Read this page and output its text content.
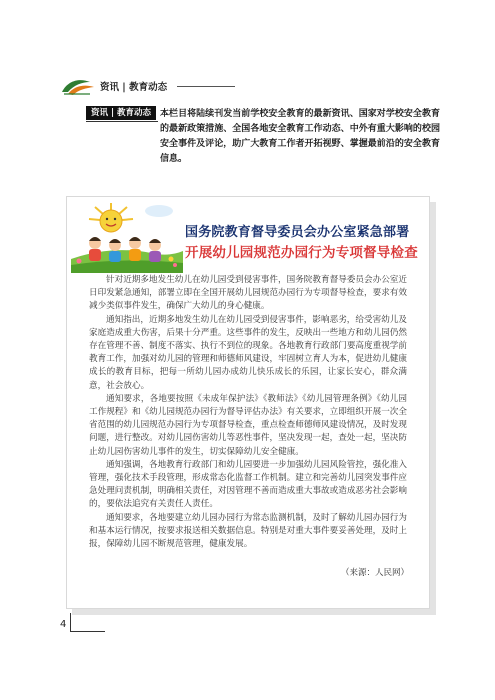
资讯 | 教育动态
资讯 | 教育动态 本栏目将陆续刊发当前学校安全教育的最新资讯、国家对学校安全教育的最新政策措施、全国各地安全教育工作动态、中外有重大影响的校园安全事件及评论，助广大教育工作者开拓视野、掌握最前沿的安全教育信息。
国务院教育督导委员会办公室紧急部署
开展幼儿园规范办园行为专项督导检查

针对近期多地发生幼儿在幼儿园受到侵害事件，国务院教育督导委员会办公室近日印发紧急通知，部署立即在全国开展幼儿园规范办园行为专项督导检查，要求有效减少类似事件发生，确保广大幼儿的身心健康。

通知指出，近期多地发生幼儿在幼儿园受到侵害事件，影响恶劣，给受害幼儿及家庭造成重大伤害，后果十分严重。这些事件的发生，反映出一些地方和幼儿园仍然存在管理不善、制度不落实、执行不到位的现象。各地教育行政部门要高度重视学前教育工作，加强对幼儿园的管理和师德师风建设，牢固树立育人为本，促进幼儿健康成长的教育目标，把每一所幼儿园办成幼儿快乐成长的乐园，让家长安心，群众满意，社会放心。

通知要求，各地要按照《未成年保护法》《教师法》《幼儿园管理条例》《幼儿园工作规程》和《幼儿园规范办园行为督导评估办法》有关要求，立即组织开展一次全省范围的幼儿园规范办园行为专项督导检查，重点检查师德师风建设情况，及时发现问题，进行整改。对幼儿园伤害幼儿等恶性事件，坚决发现一起，查处一起，坚决防止幼儿园伤害幼儿事件的发生，切实保障幼儿安全健康。

通知强调，各地教育行政部门和幼儿园要进一步加强幼儿园风险管控，强化准入管理，强化技术手段管理，形成常态化监督工作机制。建立和完善幼儿园突发事件应急处理问责机制，明确相关责任，对因管理不善而造成重大事故或造成恶劣社会影响的，要依法追究有关责任人责任。

通知要求，各地要建立幼儿园办园行为常态监测机制，及时了解幼儿园办园行为和基本运行情况，按要求报送相关数据信息。特别是对重大事件要妥善处理，及时上报，保障幼儿园不断规范管理，健康发展。

（来源：人民网）
4
